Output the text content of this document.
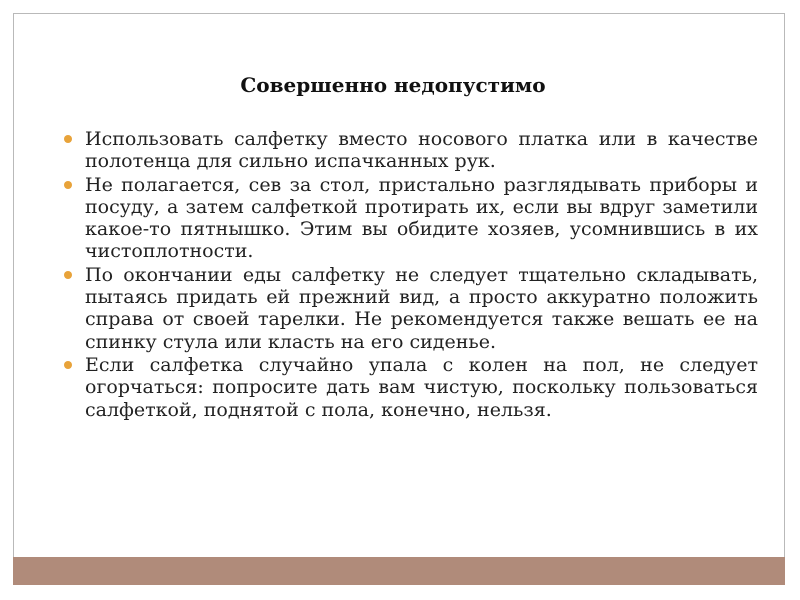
Совершенно недопустимо
Использовать салфетку вместо носового платка или в качестве полотенца для сильно испачканных рук.
Не полагается, сев за стол, пристально разглядывать приборы и посуду, а затем салфеткой протирать их, если вы вдруг заметили какое-то пятнышко. Этим вы обидите хозяев, усомнившись в их чистоплотности.
По окончании еды салфетку не следует тщательно складывать, пытаясь придать ей прежний вид, а просто аккуратно положить справа от своей тарелки. Не рекомендуется также вешать ее на спинку стула или класть на его сиденье.
Если салфетка случайно упала с колен на пол, не следует огорчаться: попросите дать вам чистую, поскольку пользоваться салфеткой, поднятой с пола, конечно, нельзя.
